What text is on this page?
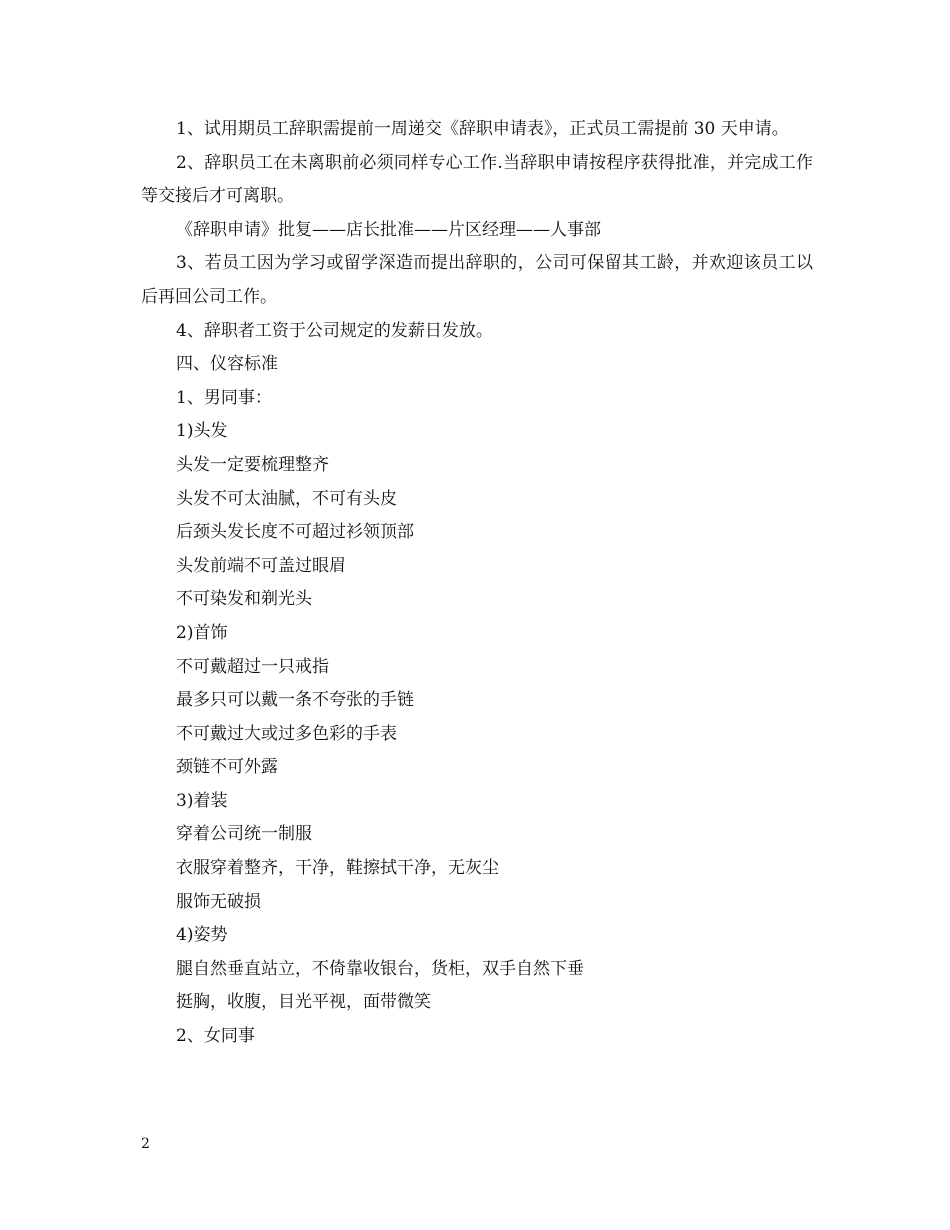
1、试用期员工辞职需提前一周递交《辞职申请表》，正式员工需提前 30 天申请。

2、辞职员工在未离职前必须同样专心工作.当辞职申请按程序获得批准，并完成工作等交接后才可离职。

《辞职申请》批复——店长批准——片区经理——人事部

3、若员工因为学习或留学深造而提出辞职的，公司可保留其工龄，并欢迎该员工以后再回公司工作。

4、辞职者工资于公司规定的发薪日发放。

四、仪容标准

1、男同事：

1)头发

头发一定要梳理整齐

头发不可太油腻，不可有头皮

后颈头发长度不可超过衫领顶部

头发前端不可盖过眼眉

不可染发和剃光头

2)首饰

不可戴超过一只戒指

最多只可以戴一条不夸张的手链

不可戴过大或过多色彩的手表

颈链不可外露

3)着装

穿着公司统一制服

衣服穿着整齐，干净，鞋擦拭干净，无灰尘

服饰无破损

4)姿势

腿自然垂直站立，不倚靠收银台，货柜，双手自然下垂

挺胸，收腹，目光平视，面带微笑

2、女同事

2
